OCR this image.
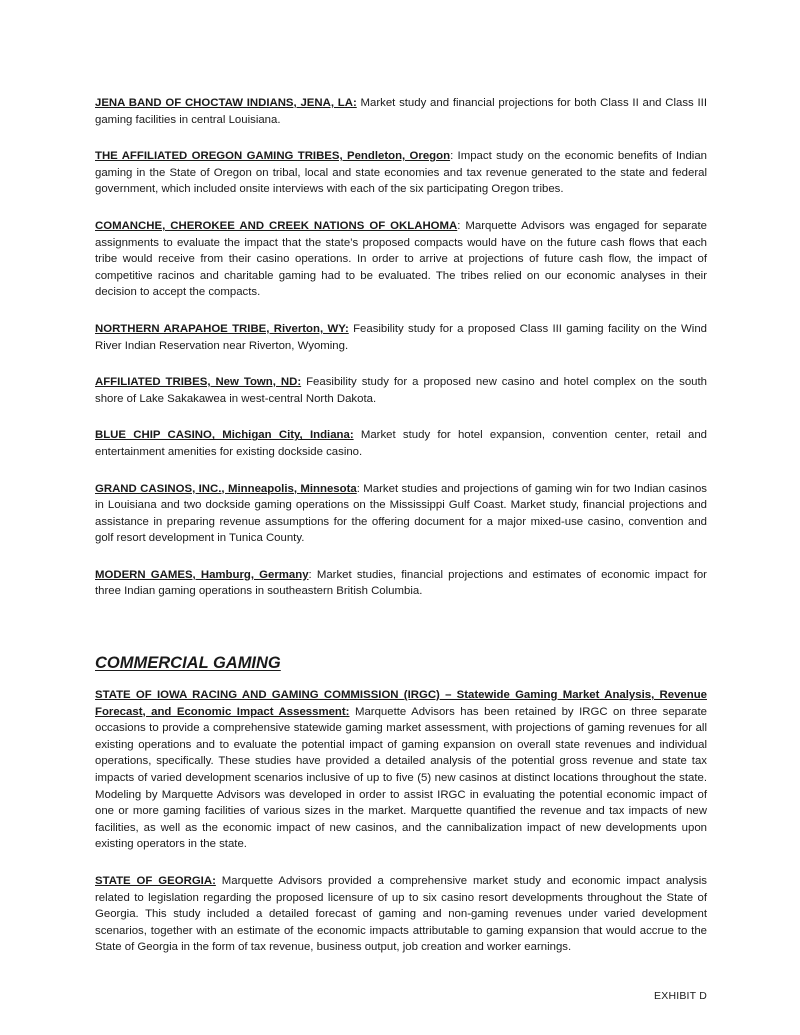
JENA BAND OF CHOCTAW INDIANS, JENA, LA: Market study and financial projections for both Class II and Class III gaming facilities in central Louisiana.

THE AFFILIATED OREGON GAMING TRIBES, Pendleton, Oregon: Impact study on the economic benefits of Indian gaming in the State of Oregon on tribal, local and state economies and tax revenue generated to the state and federal government, which included onsite interviews with each of the six participating Oregon tribes.

COMANCHE, CHEROKEE AND CREEK NATIONS OF OKLAHOMA: Marquette Advisors was engaged for separate assignments to evaluate the impact that the state’s proposed compacts would have on the future cash flows that each tribe would receive from their casino operations. In order to arrive at projections of future cash flow, the impact of competitive racinos and charitable gaming had to be evaluated. The tribes relied on our economic analyses in their decision to accept the compacts.

NORTHERN ARAPAHOE TRIBE, Riverton, WY: Feasibility study for a proposed Class III gaming facility on the Wind River Indian Reservation near Riverton, Wyoming.

AFFILIATED TRIBES, New Town, ND: Feasibility study for a proposed new casino and hotel complex on the south shore of Lake Sakakawea in west-central North Dakota.

BLUE CHIP CASINO, Michigan City, Indiana: Market study for hotel expansion, convention center, retail and entertainment amenities for existing dockside casino.

GRAND CASINOS, INC., Minneapolis, Minnesota: Market studies and projections of gaming win for two Indian casinos in Louisiana and two dockside gaming operations on the Mississippi Gulf Coast. Market study, financial projections and assistance in preparing revenue assumptions for the offering document for a major mixed-use casino, convention and golf resort development in Tunica County.

MODERN GAMES, Hamburg, Germany: Market studies, financial projections and estimates of economic impact for three Indian gaming operations in southeastern British Columbia.

COMMERCIAL GAMING

STATE OF IOWA RACING AND GAMING COMMISSION (IRGC) – Statewide Gaming Market Analysis, Revenue Forecast, and Economic Impact Assessment: Marquette Advisors has been retained by IRGC on three separate occasions to provide a comprehensive statewide gaming market assessment, with projections of gaming revenues for all existing operations and to evaluate the potential impact of gaming expansion on overall state revenues and individual operations, specifically. These studies have provided a detailed analysis of the potential gross revenue and state tax impacts of varied development scenarios inclusive of up to five (5) new casinos at distinct locations throughout the state. Modeling by Marquette Advisors was developed in order to assist IRGC in evaluating the potential economic impact of one or more gaming facilities of various sizes in the market. Marquette quantified the revenue and tax impacts of new facilities, as well as the economic impact of new casinos, and the cannibalization impact of new developments upon existing operators in the state.

STATE OF GEORGIA: Marquette Advisors provided a comprehensive market study and economic impact analysis related to legislation regarding the proposed licensure of up to six casino resort developments throughout the State of Georgia. This study included a detailed forecast of gaming and non-gaming revenues under varied development scenarios, together with an estimate of the economic impacts attributable to gaming expansion that would accrue to the State of Georgia in the form of tax revenue, business output, job creation and worker earnings.

EXHIBIT D
